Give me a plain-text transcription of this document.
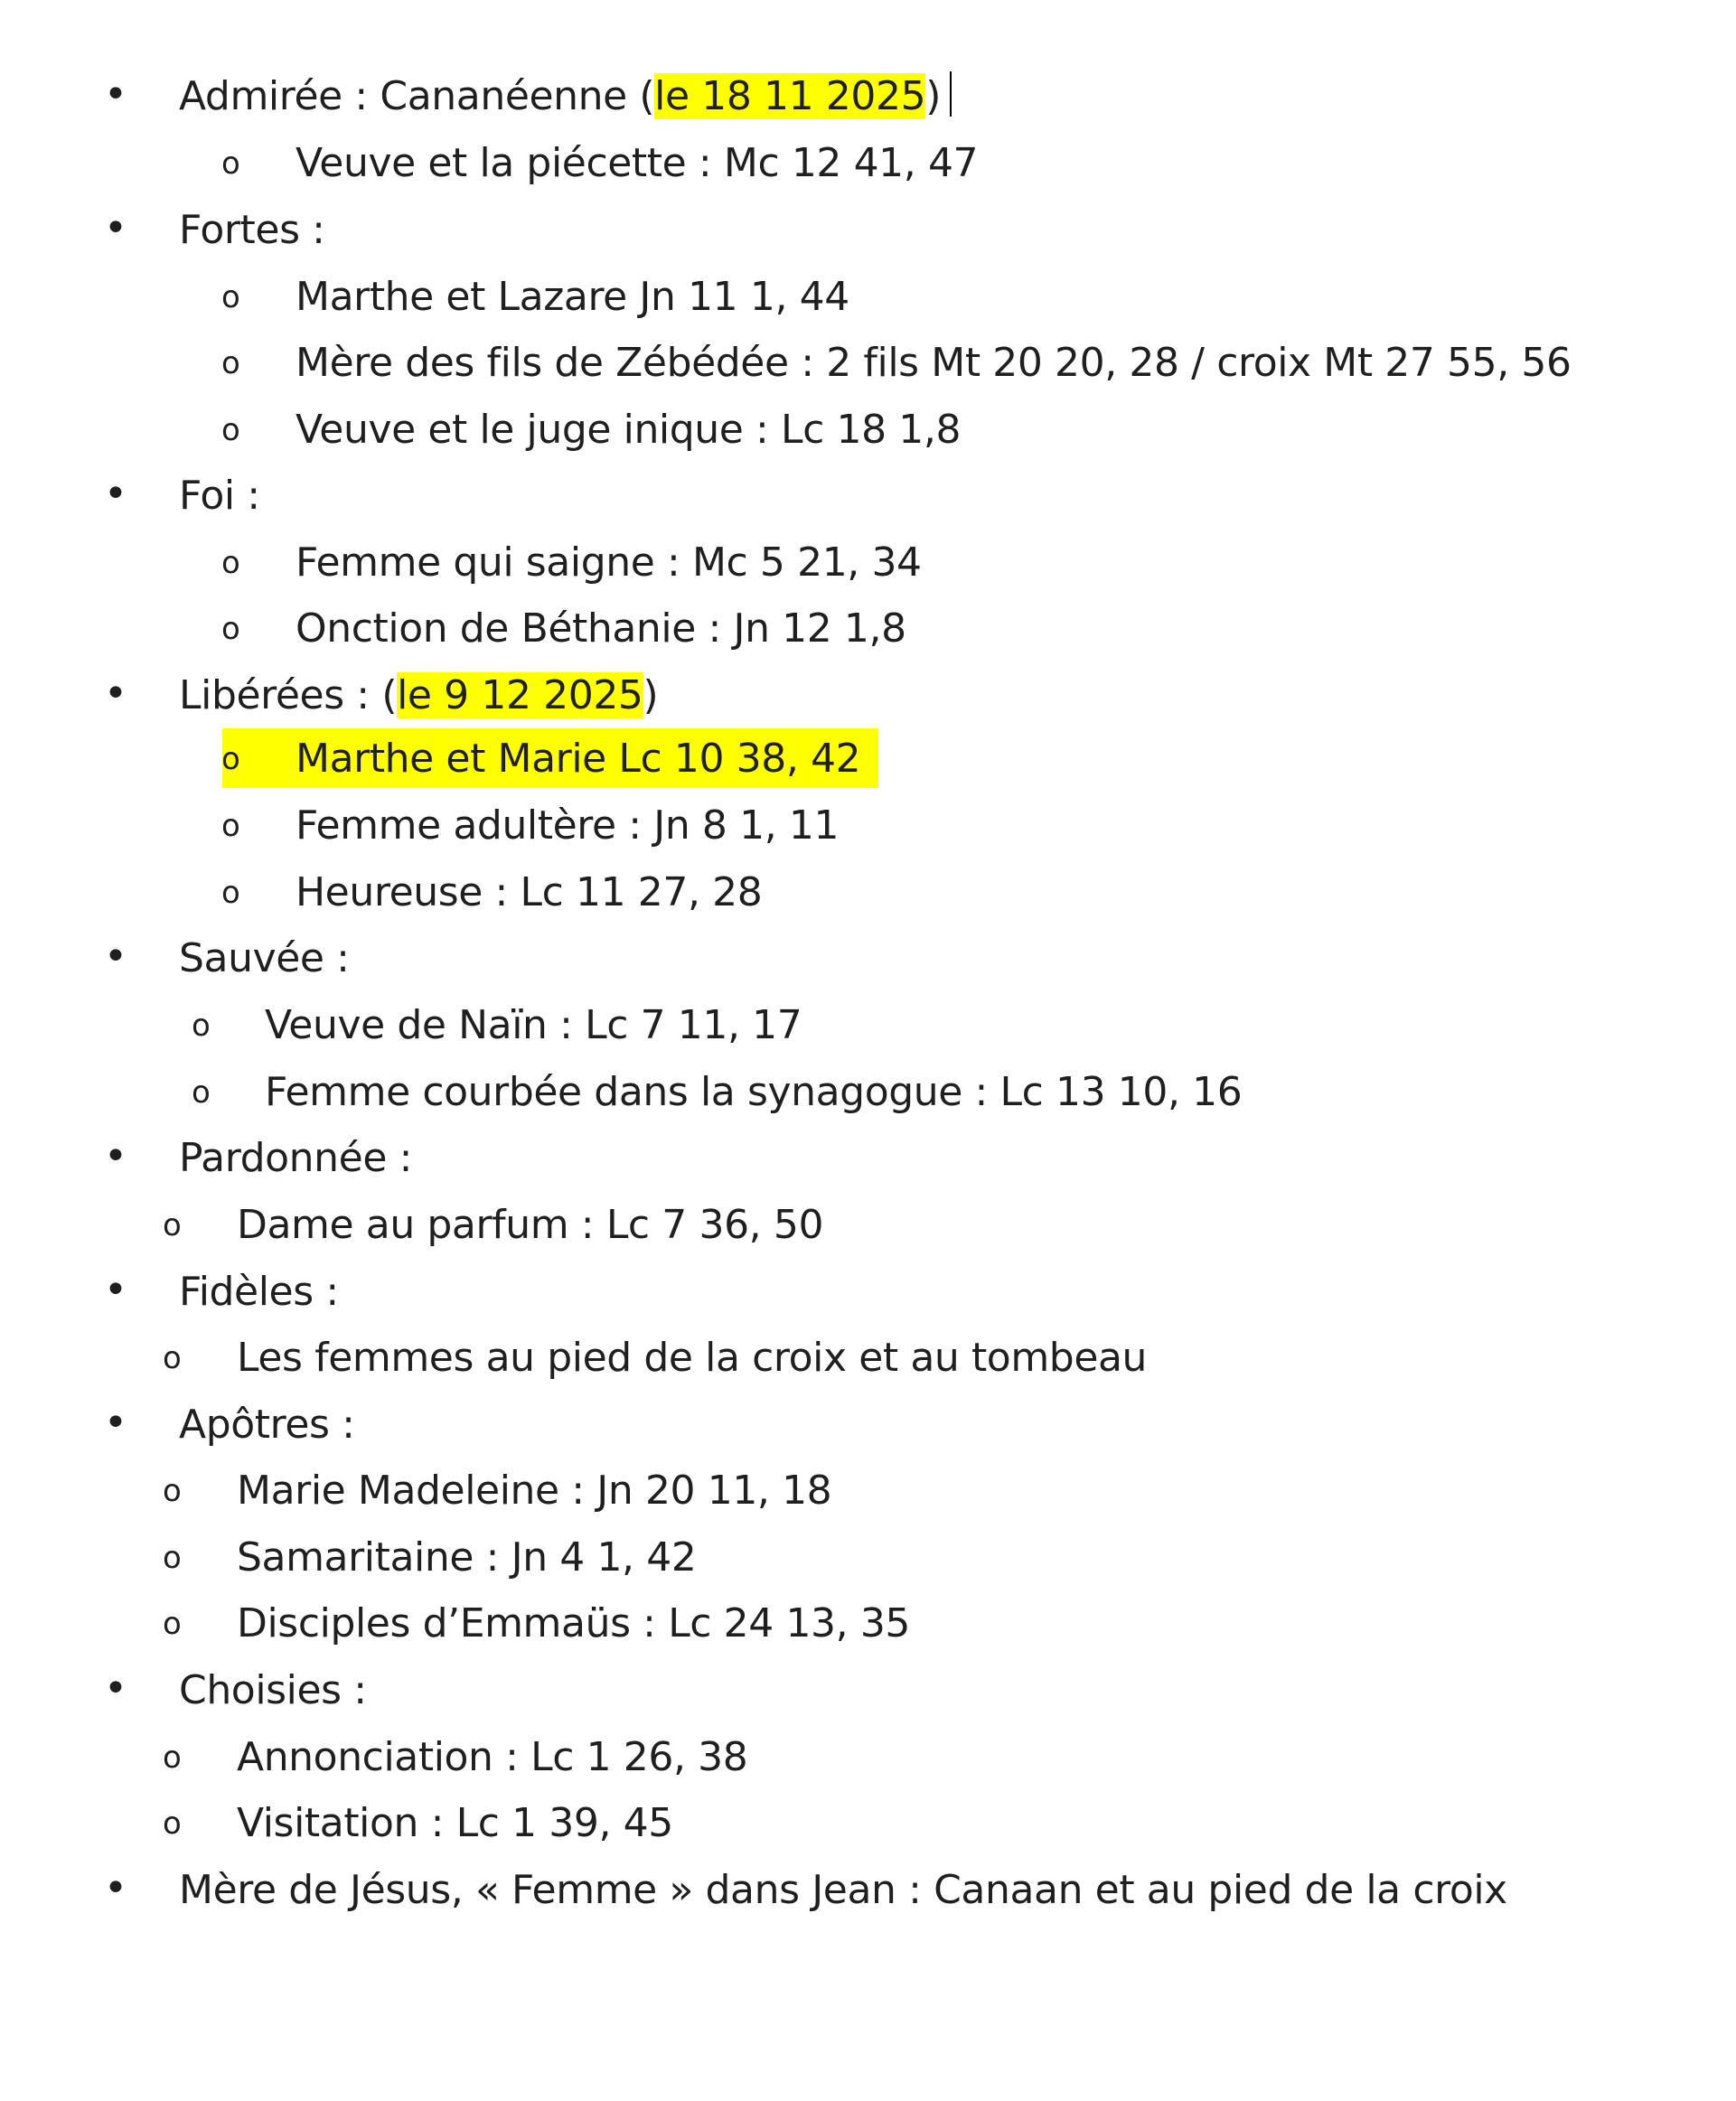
• Admirée : Cananéenne (le 18 11 2025)
o Veuve et la piécette : Mc 12 41, 47
• Fortes :
o Marthe et Lazare Jn 11 1, 44
o Mère des fils de Zébédée : 2 fils Mt 20 20, 28 / croix Mt 27 55, 56
o Veuve et le juge inique : Lc 18 1,8
• Foi :
o Femme qui saigne : Mc 5 21, 34
o Onction de Béthanie : Jn 12 1,8
• Libérées : (le 9 12 2025)
o Marthe et Marie Lc 10 38, 42
o Femme adultère : Jn 8 1, 11
o Heureuse : Lc 11 27, 28
• Sauvée :
o Veuve de Naïn : Lc 7 11, 17
o Femme courbée dans la synagogue : Lc 13 10, 16
• Pardonnée :
o Dame au parfum : Lc 7 36, 50
• Fidèles :
o Les femmes au pied de la croix et au tombeau
• Apôtres :
o Marie Madeleine : Jn 20 11, 18
o Samaritaine : Jn 4 1, 42
o Disciples d’Emmaüs : Lc 24 13, 35
• Choisies :
o Annonciation : Lc 1 26, 38
o Visitation : Lc 1 39, 45
• Mère de Jésus, « Femme » dans Jean : Canaan et au pied de la croix
